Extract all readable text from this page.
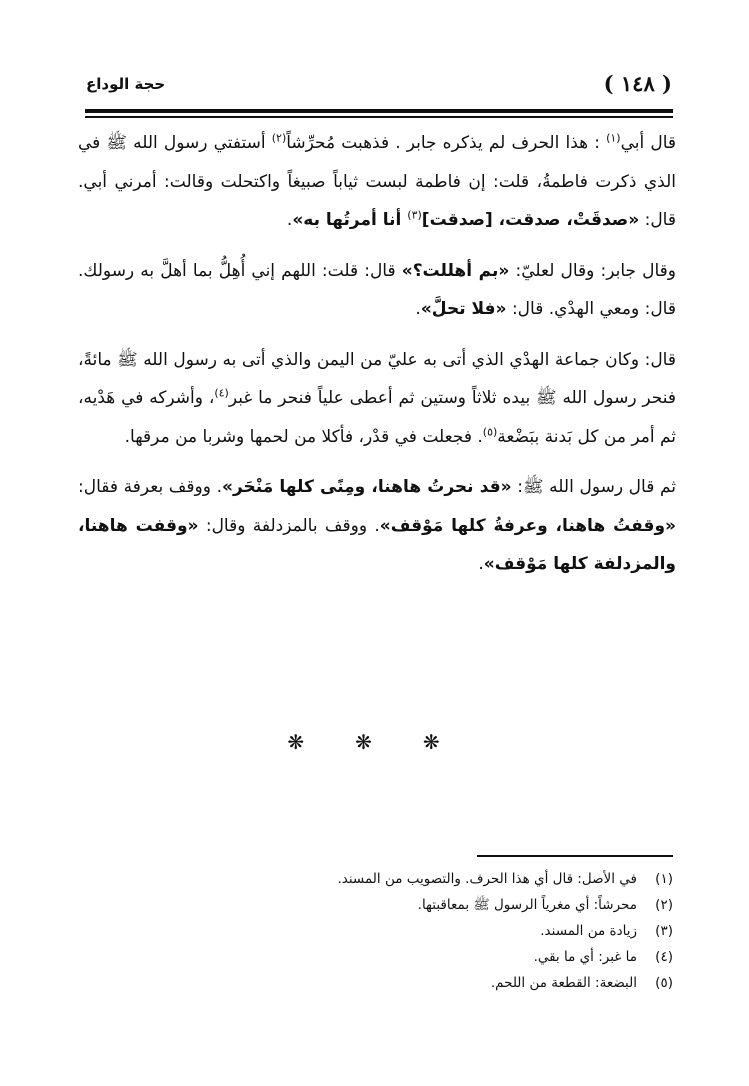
( ١٤٨ )
حجة الوداع

قال أبي$^{(١)}$ : هذا الحرف لم يذكره جابر . فذهبت مُحرِّشاً$^{(٢)}$ أستفتي رسول الله ﷺ في الذي ذكرت فاطمةُ، قلت: إن فاطمة لبست ثياباً صبيغاً واكتحلت وقالت: أمرني أبي. قال: «صدقَتْ، صدقت، [صدقت]$^{(٣)}$ أنا أمرتُها به».

وقال جابر: وقال لعليّ: «بم أهللت؟» قال: قلت: اللهم إني أُهِلُّ بما أهلَّ به رسولك. قال: ومعي الهدْي. قال: «فلا تحلَّ».

قال: وكان جماعة الهدْي الذي أتى به عليّ من اليمن والذي أتى به رسول الله ﷺ مائةً، فنحر رسول الله ﷺ بيده ثلاثاً وستين ثم أعطى علياً فنحر ما غبر$^{(٤)}$، وأشركه في هَدْيه، ثم أمر من كل بَدنة ببَضْعة$^{(٥)}$. فجعلت في قدْر، فأكلا من لحمها وشربا من مرقها.

ثم قال رسول الله ﷺ: «قد نحرتُ هاهنا، ومِنًى كلها مَنْحَر». ووقف بعرفة فقال: «وقفتُ هاهنا، وعرفةُ كلها مَوْقف». ووقف بالمزدلفة وقال: «وقفت هاهنا، والمزدلفة كلها مَوْقف».

❋ ❋ ❋
(١)
في الأصل: قال أي هذا الحرف. والتصويب من المسند.
(٢)
محرشاً: أي مغرياً الرسول ﷺ بمعاقبتها.
(٣)
زيادة من المسند.
(٤)
ما غبر: أي ما بقي.
(٥)
البضعة: القطعة من اللحم.
